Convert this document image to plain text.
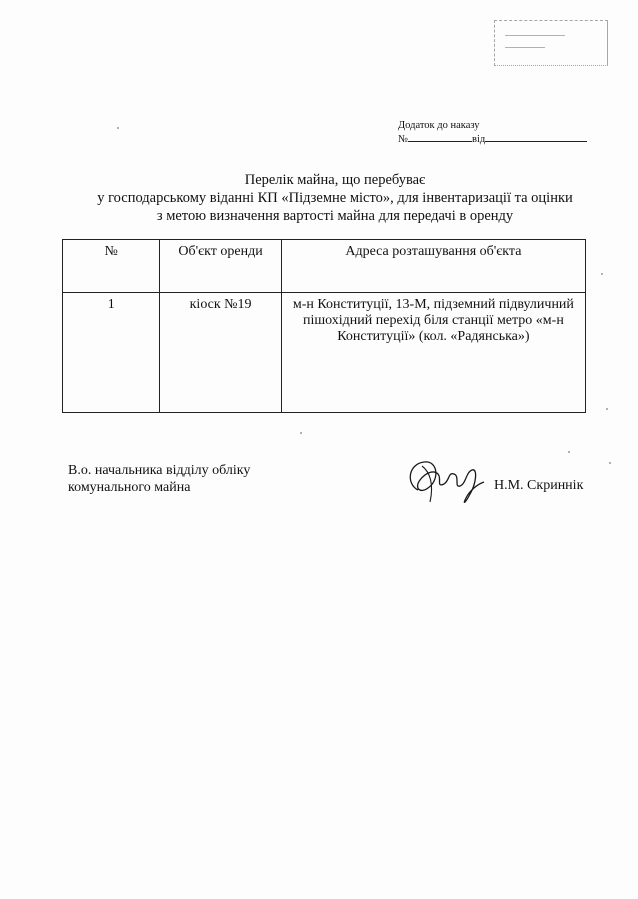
Додаток до наказу
№	від
Перелік майна, що перебуває
у господарському віданні КП «Підземне місто», для інвентаризації та оцінки
з метою визначення вартості майна для передачі в оренду
№	Об'єкт оренди	Адреса розташування об'єкта
1	кіоск №19	м-н Конституції, 13-М, підземний підвуличний пішохідний перехід біля станції метро «м-н Конституції» (кол. «Радянська»)
В.о. начальника відділу обліку
комунального майна	Н.М. Скриннік
